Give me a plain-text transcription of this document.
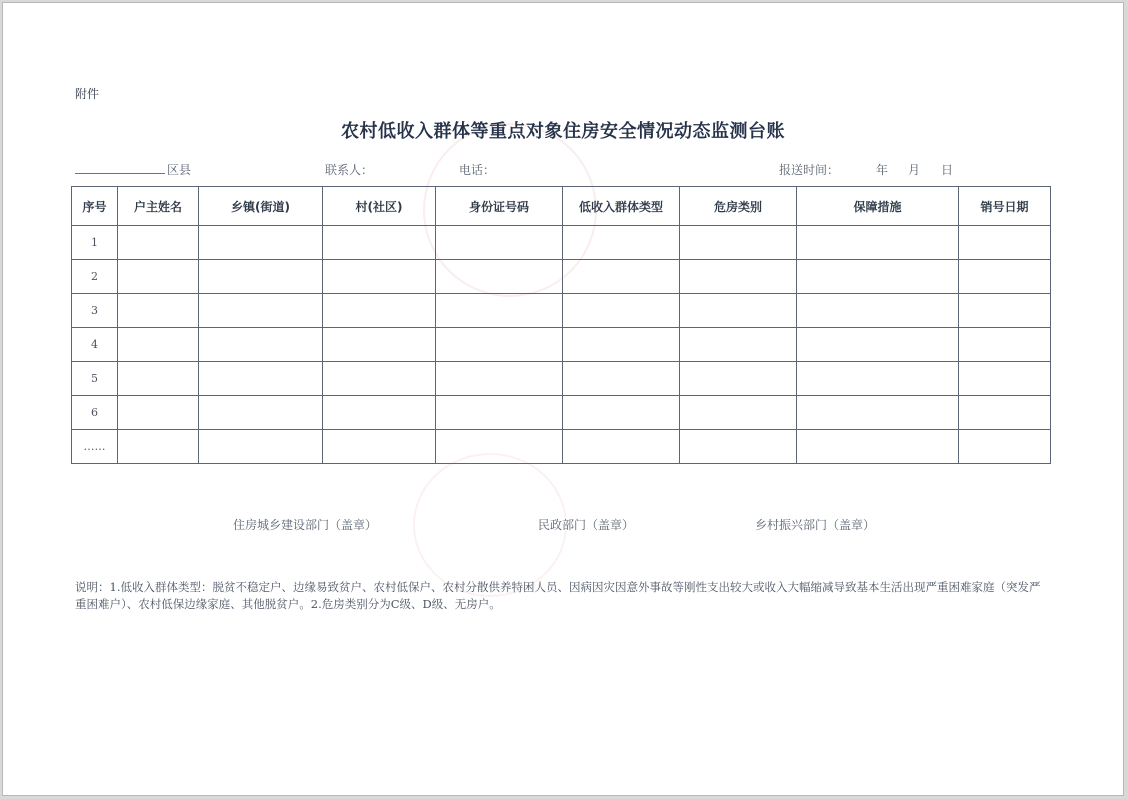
附件
农村低收入群体等重点对象住房安全情况动态监测台账
区县	联系人：	电话：	报送时间：	年 月 日
序号	户主姓名	乡镇(街道)	村(社区)	身份证号码	低收入群体类型	危房类别	保障措施	销号日期
1								
2								
3								
4								
5								
6								
……								
住房城乡建设部门（盖章）	民政部门（盖章）	乡村振兴部门（盖章）
说明：1.低收入群体类型：脱贫不稳定户、边缘易致贫户、农村低保户、农村分散供养特困人员、因病因灾因意外事故等刚性支出较大或收入大幅缩减导致基本生活出现严重困难家庭（突发严重困难户）、农村低保边缘家庭、其他脱贫户。2.危房类别分为C级、D级、无房户。
